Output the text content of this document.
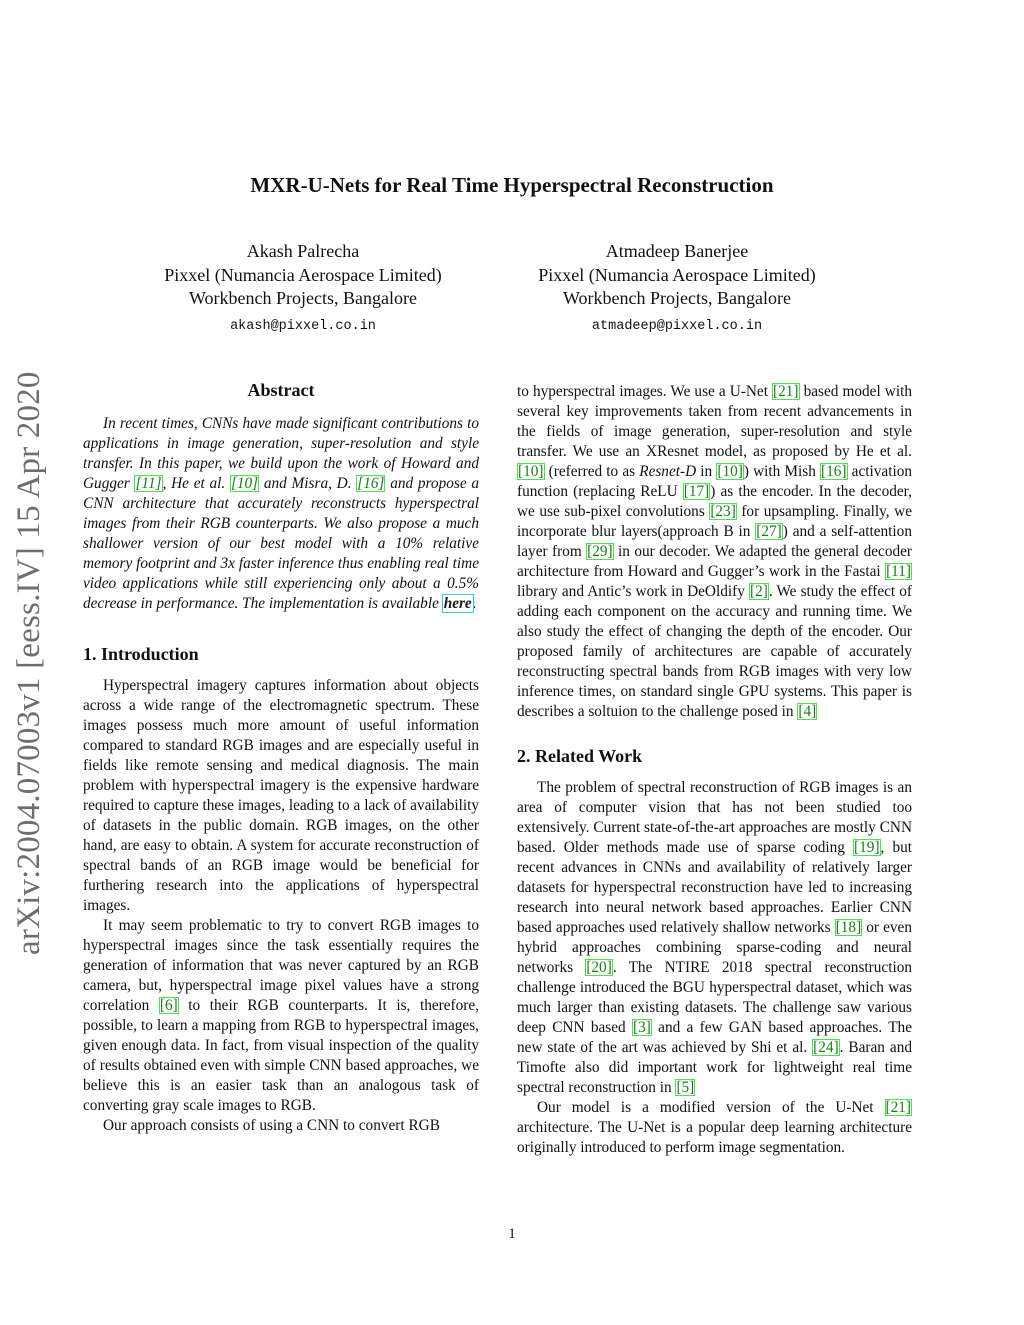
MXR-U-Nets for Real Time Hyperspectral Reconstruction
Akash Palrecha
Pixxel (Numancia Aerospace Limited)
Workbench Projects, Bangalore
akash@pixxel.co.in
Atmadeep Banerjee
Pixxel (Numancia Aerospace Limited)
Workbench Projects, Bangalore
atmadeep@pixxel.co.in
arXiv:2004.07003v1 [eess.IV] 15 Apr 2020	Abstract

In recent times, CNNs have made significant contributions to applications in image generation, super-resolution and style transfer. In this paper, we build upon the work of Howard and Gugger [11], He et al. [10] and Misra, D. [16] and propose a CNN architecture that accurately reconstructs hyperspectral images from their RGB counterparts. We also propose a much shallower version of our best model with a 10% relative memory footprint and 3x faster inference thus enabling real time video applications while still experiencing only about a 0.5% decrease in performance. The implementation is available here.

1. Introduction

Hyperspectral imagery captures information about objects across a wide range of the electromagnetic spectrum. These images possess much more amount of useful information compared to standard RGB images and are especially useful in fields like remote sensing and medical diagnosis. The main problem with hyperspectral imagery is the expensive hardware required to capture these images, leading to a lack of availability of datasets in the public domain. RGB images, on the other hand, are easy to obtain. A system for accurate reconstruction of spectral bands of an RGB image would be beneficial for furthering research into the applications of hyperspectral images.

It may seem problematic to try to convert RGB images to hyperspectral images since the task essentially requires the generation of information that was never captured by an RGB camera, but, hyperspectral image pixel values have a strong correlation [6] to their RGB counterparts. It is, therefore, possible, to learn a mapping from RGB to hyperspectral images, given enough data. In fact, from visual inspection of the quality of results obtained even with simple CNN based approaches, we believe this is an easier task than an analogous task of converting gray scale images to RGB.

Our approach consists of using a CNN to convert RGB

to hyperspectral images. We use a U-Net [21] based model with several key improvements taken from recent advancements in the fields of image generation, super-resolution and style transfer. We use an XResnet model, as proposed by He et al. [10] (referred to as Resnet-D in [10]) with Mish [16] activation function (replacing ReLU [17]) as the encoder. In the decoder, we use sub-pixel convolutions [23] for upsampling. Finally, we incorporate blur layers(approach B in [27]) and a self-attention layer from [29] in our decoder. We adapted the general decoder architecture from Howard and Gugger’s work in the Fastai [11] library and Antic’s work in DeOldify [2]. We study the effect of adding each component on the accuracy and running time. We also study the effect of changing the depth of the encoder. Our proposed family of architectures are capable of accurately reconstructing spectral bands from RGB images with very low inference times, on standard single GPU systems. This paper is describes a soltuion to the challenge posed in [4]

2. Related Work

The problem of spectral reconstruction of RGB images is an area of computer vision that has not been studied too extensively. Current state-of-the-art approaches are mostly CNN based. Older methods made use of sparse coding [19], but recent advances in CNNs and availability of relatively larger datasets for hyperspectral reconstruction have led to increasing research into neural network based approaches. Earlier CNN based approaches used relatively shallow networks [18] or even hybrid approaches combining sparse-coding and neural networks [20]. The NTIRE 2018 spectral reconstruction challenge introduced the BGU hyperspectral dataset, which was much larger than existing datasets. The challenge saw various deep CNN based [3] and a few GAN based approaches. The new state of the art was achieved by Shi et al. [24]. Baran and Timofte also did important work for lightweight real time spectral reconstruction in [5]

Our model is a modified version of the U-Net [21] architecture. The U-Net is a popular deep learning architecture originally introduced to perform image segmentation.

1
